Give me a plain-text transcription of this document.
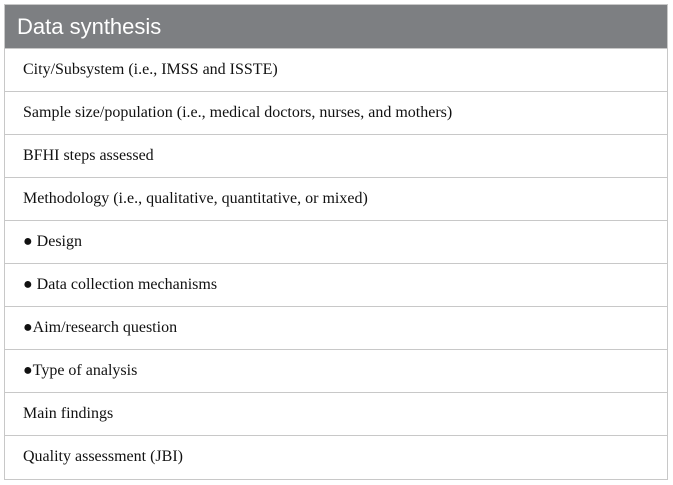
Data synthesis
City/Subsystem (i.e., IMSS and ISSTE)
Sample size/population (i.e., medical doctors, nurses, and mothers)
BFHI steps assessed
Methodology (i.e., qualitative, quantitative, or mixed)
● Design
● Data collection mechanisms
●Aim/research question
●Type of analysis
Main findings
Quality assessment (JBI)
